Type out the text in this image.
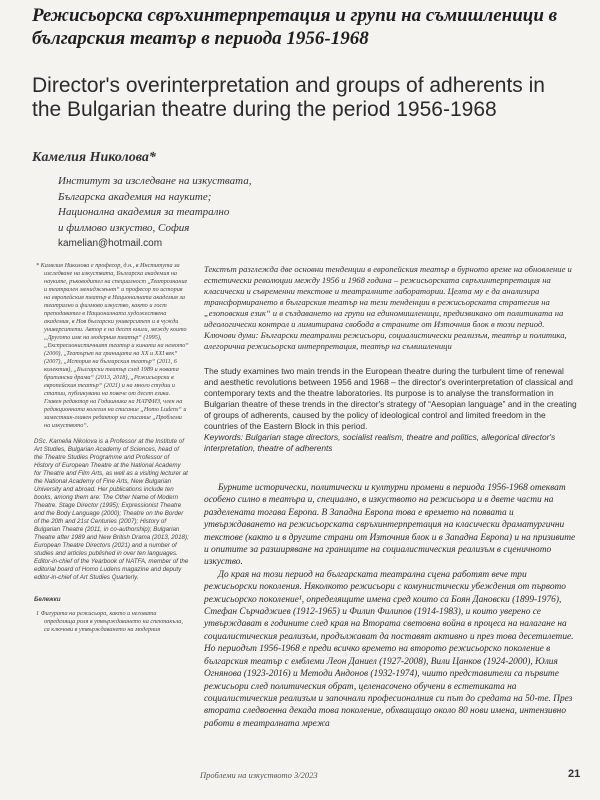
Режисьорска свръхинтерпретация и групи на съмишленици в българския театър в периода 1956-1968
Director's overinterpretation and groups of adherents in the Bulgarian theatre during the period 1956-1968
Камелия Николова*
Институт за изследване на изкуствата,
Българска академия на науките;
Национална академия за театрално
и филмово изкуство, София
kamelian@hotmail.com

* Камелия Николова е професор, д.н., в Института за изследване на изкуствата, Българска академия на науките, ръководител на специалност „Театрознание и театрален мениджмънт“ и професор по история на европейския театър в Националната академия за театрално и филмово изкуство, както и гост преподавател в Националната художествена академия, в Нов български университет и в чужди университети. Автор е на десет книги, между които „Другото име на модерния театър“ (1995), „Експресионистичният театър и кината на немото“ (2000), „Театърът на границата на XX и XXI век“ (2007), „История на българския театър“ (2011, 6 колектив), „Български театър след 1989 и новата британска драма“ (2013, 2018), „Режисьорски в европейския театър“ (2021) и на много студии и статии, публикувани на повече от десет езика. Главен редактор на Годишника на НАТФИЗ, член на редакционната колегия на списание „Homo Ludens“ и заместник-главен редактор на списание „Проблеми на изкуството“.

DSc. Kamelia Nikolova is a Professor at the Institute of Art Studies, Bulgarian Academy of Sciences, head of the Theatre Studies Programme and Professor of History of European Theatre at the National Academy for Theatre and Film Arts, as well as a visiting lecturer at the National Academy of Fine Arts, New Bulgarian University and abroad. Her publications include ten books, among them are: The Other Name of Modern Theatre. Stage Director (1995); Expressionist Theatre and the Body Language (2000); Theatre on the Border of the 20th and 21st Centuries (2007); History of Bulgarian Theatre (2011, in co-authorship); Bulgarian Theatre after 1989 and New British Drama (2013, 2018); European Theatre Directors (2021) and a number of studies and articles published in over ten languages. Editor-in-chief of the Yearbook of NATFA, member of the editorial board of Homo Ludens magazine and deputy editor-in-chief of Art Studies Quarterly.

Бележки

1 Фигурата на режисьора, както и неговата определяща роля в утвърждаването на спектакъла, са ключови в утвърждаването на модерния

Текстът разглежда две основни тенденции в европейския театър в бурното време на обновление и естетически революции между 1956 и 1968 година – режисьорската свръхинтерпретация на класически и съвременни текстове и театралните лаборатории. Целта му е да анализира трансформирането в българския театър на тези тенденции в режисьорската стратегия на „езоповския език“ и в създаването на групи на единомишленици, предизвикано от политиката на идеологически контрол и лимитирана свобода в страните от Източния блок в този период.

Ключови думи: Български театрални режисьори, социалистически реализъм, театър и политика, алегорична режисьорска интерпретация, театър на съмишленици

The study examines two main trends in the European theatre during the turbulent time of renewal and aesthetic revolutions between 1956 and 1968 – the director's overinterpretation of classical and contemporary texts and the theatre laboratories. Its purpose is to analyse the transformation in Bulgarian theatre of these trends in the director's strategy of “Aesopian language” and in the creating of groups of adherents, caused by the policy of ideological control and limited freedom in the countries of the Eastern Block in this period.

Keywords: Bulgarian stage directors, socialist realism, theatre and politics, allegorical director's interpretation, theatre of adherents

Бурните исторически, политически и културни промени в периода 1956-1968 отекват особено силно в театъра и, специално, в изкуството на режисьора и в двете части на разделената тогава Европа. В Западна Европа това е времето на появата и утвърждаването на режисьорската свръхинтерпретация на класически драматургични текстове (както и в другите страни от Източния блок и в Западна Европа) и на призивите и опитите за разширяване на границите на социалистическия реализъм в сценичното изкуство.

До края на този период на българската театрална сцена работят вече три режисьорски поколения. Няколкото режисьори с комунистически убеждения от първото режисьорско поколение¹, определящите имена сред които са Боян Дановски (1899-1976), Стефан Сърчаджиев (1912-1965) и Филип Филипов (1914-1983), и които уверено се утвърждават в годините след края на Втората световна война в процеса на налагане на социалистическия реализъм, продължават да поставят активно и през това десетилетие. Но периодът 1956-1968 е преди всичко времето на второто режисьорско поколение в българския театър с емблеми Леон Даниел (1927-2008), Вили Цанков (1924-2000), Юлия Огнянова (1923-2016) и Методи Андонов (1932-1974), чиито представители са първите режисьори след политическия обрат, целенасочено обучени в естетиката на социалистическия реализъм и започнали професионалния си път до средата на 50-те. През втората следвоенна декада това поколение, обхващащо около 80 нови имена, интензивно работи в театралната мрежа

Проблеми на изкуството 3/2023	21
